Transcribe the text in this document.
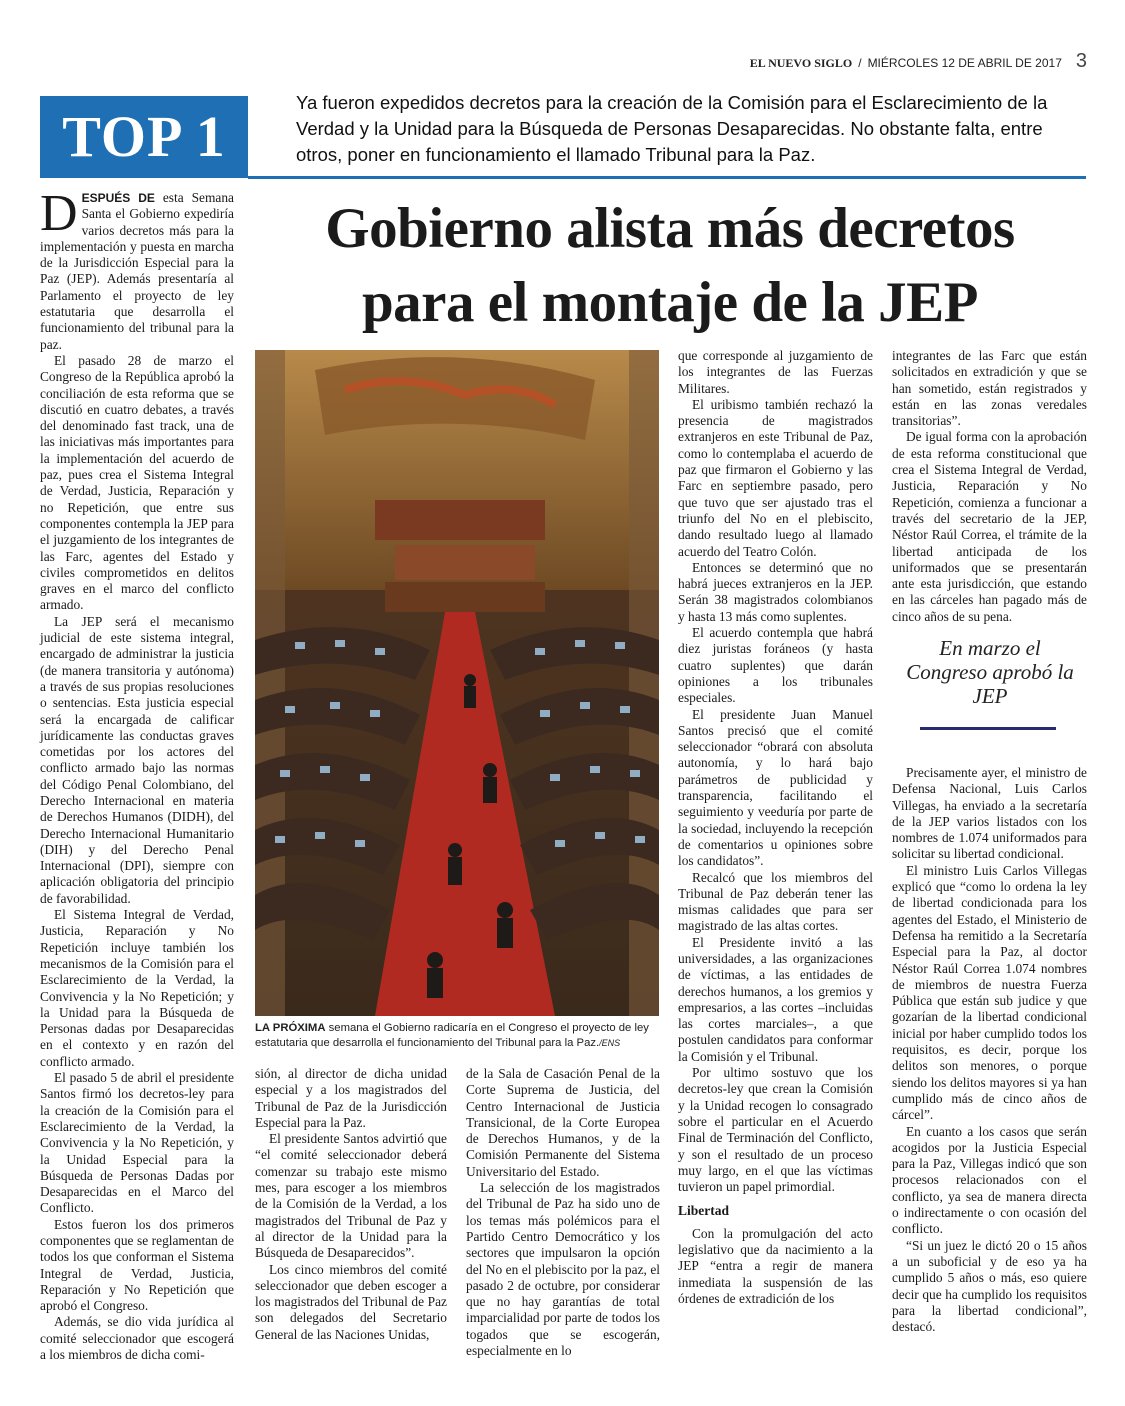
EL NUEVO SIGLO / MIÉRCOLES 12 DE ABRIL DE 2017 3
TOP 1
Ya fueron expedidos decretos para la creación de la Comisión para el Esclarecimiento de la Verdad y la Unidad para la Búsqueda de Personas Desaparecidas. No obstante falta, entre otros, poner en funcionamiento el llamado Tribunal para la Paz.
Gobierno alista más decretos
para el montaje de la JEP

DESPUÉS DE esta Semana Santa el Gobierno expediría varios decretos más para la implementación y puesta en marcha de la Jurisdicción Especial para la Paz (JEP). Además presentaría al Parlamento el proyecto de ley estatutaria que desarrolla el funcionamiento del tribunal para la paz.

El pasado 28 de marzo el Congreso de la República aprobó la conciliación de esta reforma que se discutió en cuatro debates, a través del denominado fast track, una de las iniciativas más importantes para la implementación del acuerdo de paz, pues crea el Sistema Integral de Verdad, Justicia, Reparación y no Repetición, que entre sus componentes contempla la JEP para el juzgamiento de los integrantes de las Farc, agentes del Estado y civiles comprometidos en delitos graves en el marco del conflicto armado.

La JEP será el mecanismo judicial de este sistema integral, encargado de administrar la justicia (de manera transitoria y autónoma) a través de sus propias resoluciones o sentencias. Esta justicia especial será la encargada de calificar jurídicamente las conductas graves cometidas por los actores del conflicto armado bajo las normas del Código Penal Colombiano, del Derecho Internacional en materia de Derechos Humanos (DIDH), del Derecho Internacional Humanitario (DIH) y del Derecho Penal Internacional (DPI), siempre con aplicación obligatoria del principio de favorabilidad.

El Sistema Integral de Verdad, Justicia, Reparación y No Repetición incluye también los mecanismos de la Comisión para el Esclarecimiento de la Verdad, la Convivencia y la No Repetición; y la Unidad para la Búsqueda de Personas dadas por Desaparecidas en el contexto y en razón del conflicto armado.

El pasado 5 de abril el presidente Santos firmó los decretos-ley para la creación de la Comisión para el Esclarecimiento de la Verdad, la Convivencia y la No Repetición, y la Unidad Especial para la Búsqueda de Personas Dadas por Desaparecidas en el Marco del Conflicto.

Estos fueron los dos primeros componentes que se reglamentan de todos los que conforman el Sistema Integral de Verdad, Justicia, Reparación y No Repetición que aprobó el Congreso.

Además, se dio vida jurídica al comité seleccionador que escogerá a los miembros de dicha comi-

LA PRÓXIMA semana el Gobierno radicaría en el Congreso el proyecto de ley estatutaria que desarrolla el funcionamiento del Tribunal para la Paz./ENS

sión, al director de dicha unidad especial y a los magistrados del Tribunal de Paz de la Jurisdicción Especial para la Paz.

El presidente Santos advirtió que “el comité seleccionador deberá comenzar su trabajo este mismo mes, para escoger a los miembros de la Comisión de la Verdad, a los magistrados del Tribunal de Paz y al director de la Unidad para la Búsqueda de Desaparecidos”.

Los cinco miembros del comité seleccionador que deben escoger a los magistrados del Tribunal de Paz son delegados del Secretario General de las Naciones Unidas,

de la Sala de Casación Penal de la Corte Suprema de Justicia, del Centro Internacional de Justicia Transicional, de la Corte Europea de Derechos Humanos, y de la Comisión Permanente del Sistema Universitario del Estado.

La selección de los magistrados del Tribunal de Paz ha sido uno de los temas más polémicos para el Partido Centro Democrático y los sectores que impulsaron la opción del No en el plebiscito por la paz, el pasado 2 de octubre, por considerar que no hay garantías de total imparcialidad por parte de todos los togados que se escogerán, especialmente en lo

que corresponde al juzgamiento de los integrantes de las Fuerzas Militares.

El uribismo también rechazó la presencia de magistrados extranjeros en este Tribunal de Paz, como lo contemplaba el acuerdo de paz que firmaron el Gobierno y las Farc en septiembre pasado, pero que tuvo que ser ajustado tras el triunfo del No en el plebiscito, dando resultado luego al llamado acuerdo del Teatro Colón.

Entonces se determinó que no habrá jueces extranjeros en la JEP. Serán 38 magistrados colombianos y hasta 13 más como suplentes.

El acuerdo contempla que habrá diez juristas foráneos (y hasta cuatro suplentes) que darán opiniones a los tribunales especiales.

El presidente Juan Manuel Santos precisó que el comité seleccionador “obrará con absoluta autonomía, y lo hará bajo parámetros de publicidad y transparencia, facilitando el seguimiento y veeduría por parte de la sociedad, incluyendo la recepción de comentarios u opiniones sobre los candidatos”.

Recalcó que los miembros del Tribunal de Paz deberán tener las mismas calidades que para ser magistrado de las altas cortes.

El Presidente invitó a las universidades, a las organizaciones de víctimas, a las entidades de derechos humanos, a los gremios y empresarios, a las cortes –incluidas las cortes marciales–, a que postulen candidatos para conformar la Comisión y el Tribunal.

Por ultimo sostuvo que los decretos-ley que crean la Comisión y la Unidad recogen lo consagrado sobre el particular en el Acuerdo Final de Terminación del Conflicto, y son el resultado de un proceso muy largo, en el que las víctimas tuvieron un papel primordial.

Libertad

Con la promulgación del acto legislativo que da nacimiento a la JEP “entra a regir de manera inmediata la suspensión de las órdenes de extradición de los

integrantes de las Farc que están solicitados en extradición y que se han sometido, están registrados y están en las zonas veredales transitorias”.

De igual forma con la aprobación de esta reforma constitucional que crea el Sistema Integral de Verdad, Justicia, Reparación y No Repetición, comienza a funcionar a través del secretario de la JEP, Néstor Raúl Correa, el trámite de la libertad anticipada de los uniformados que se presentarán ante esta jurisdicción, que estando en las cárceles han pagado más de cinco años de su pena.

En marzo el Congreso aprobó la JEP

Precisamente ayer, el ministro de Defensa Nacional, Luis Carlos Villegas, ha enviado a la secretaría de la JEP varios listados con los nombres de 1.074 uniformados para solicitar su libertad condicional.

El ministro Luis Carlos Villegas explicó que “como lo ordena la ley de libertad condicionada para los agentes del Estado, el Ministerio de Defensa ha remitido a la Secretaría Especial para la Paz, al doctor Néstor Raúl Correa 1.074 nombres de miembros de nuestra Fuerza Pública que están sub judice y que gozarían de la libertad condicional inicial por haber cumplido todos los requisitos, es decir, porque los delitos son menores, o porque siendo los delitos mayores si ya han cumplido más de cinco años de cárcel”.

En cuanto a los casos que serán acogidos por la Justicia Especial para la Paz, Villegas indicó que son procesos relacionados con el conflicto, ya sea de manera directa o indirectamente o con ocasión del conflicto.

“Si un juez le dictó 20 o 15 años a un suboficial y de eso ya ha cumplido 5 años o más, eso quiere decir que ha cumplido los requisitos para la libertad condicional”, destacó.
